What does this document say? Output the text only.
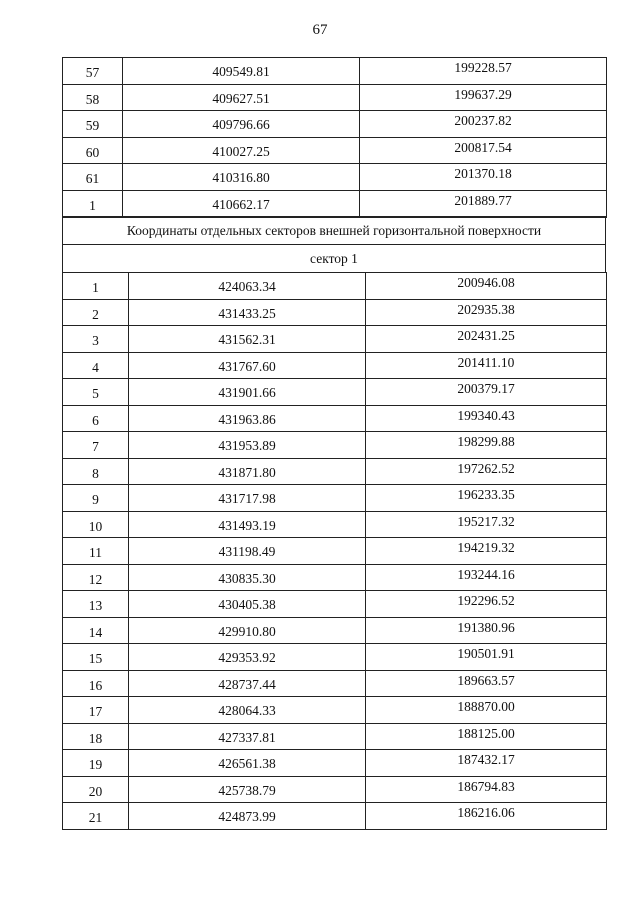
67
57	409549.81	199228.57
58	409627.51	199637.29
59	409796.66	200237.82
60	410027.25	200817.54
61	410316.80	201370.18
1	410662.17	201889.77
Координаты отдельных секторов внешней горизонтальной поверхности
сектор 1
1	424063.34	200946.08
2	431433.25	202935.38
3	431562.31	202431.25
4	431767.60	201411.10
5	431901.66	200379.17
6	431963.86	199340.43
7	431953.89	198299.88
8	431871.80	197262.52
9	431717.98	196233.35
10	431493.19	195217.32
11	431198.49	194219.32
12	430835.30	193244.16
13	430405.38	192296.52
14	429910.80	191380.96
15	429353.92	190501.91
16	428737.44	189663.57
17	428064.33	188870.00
18	427337.81	188125.00
19	426561.38	187432.17
20	425738.79	186794.83
21	424873.99	186216.06
